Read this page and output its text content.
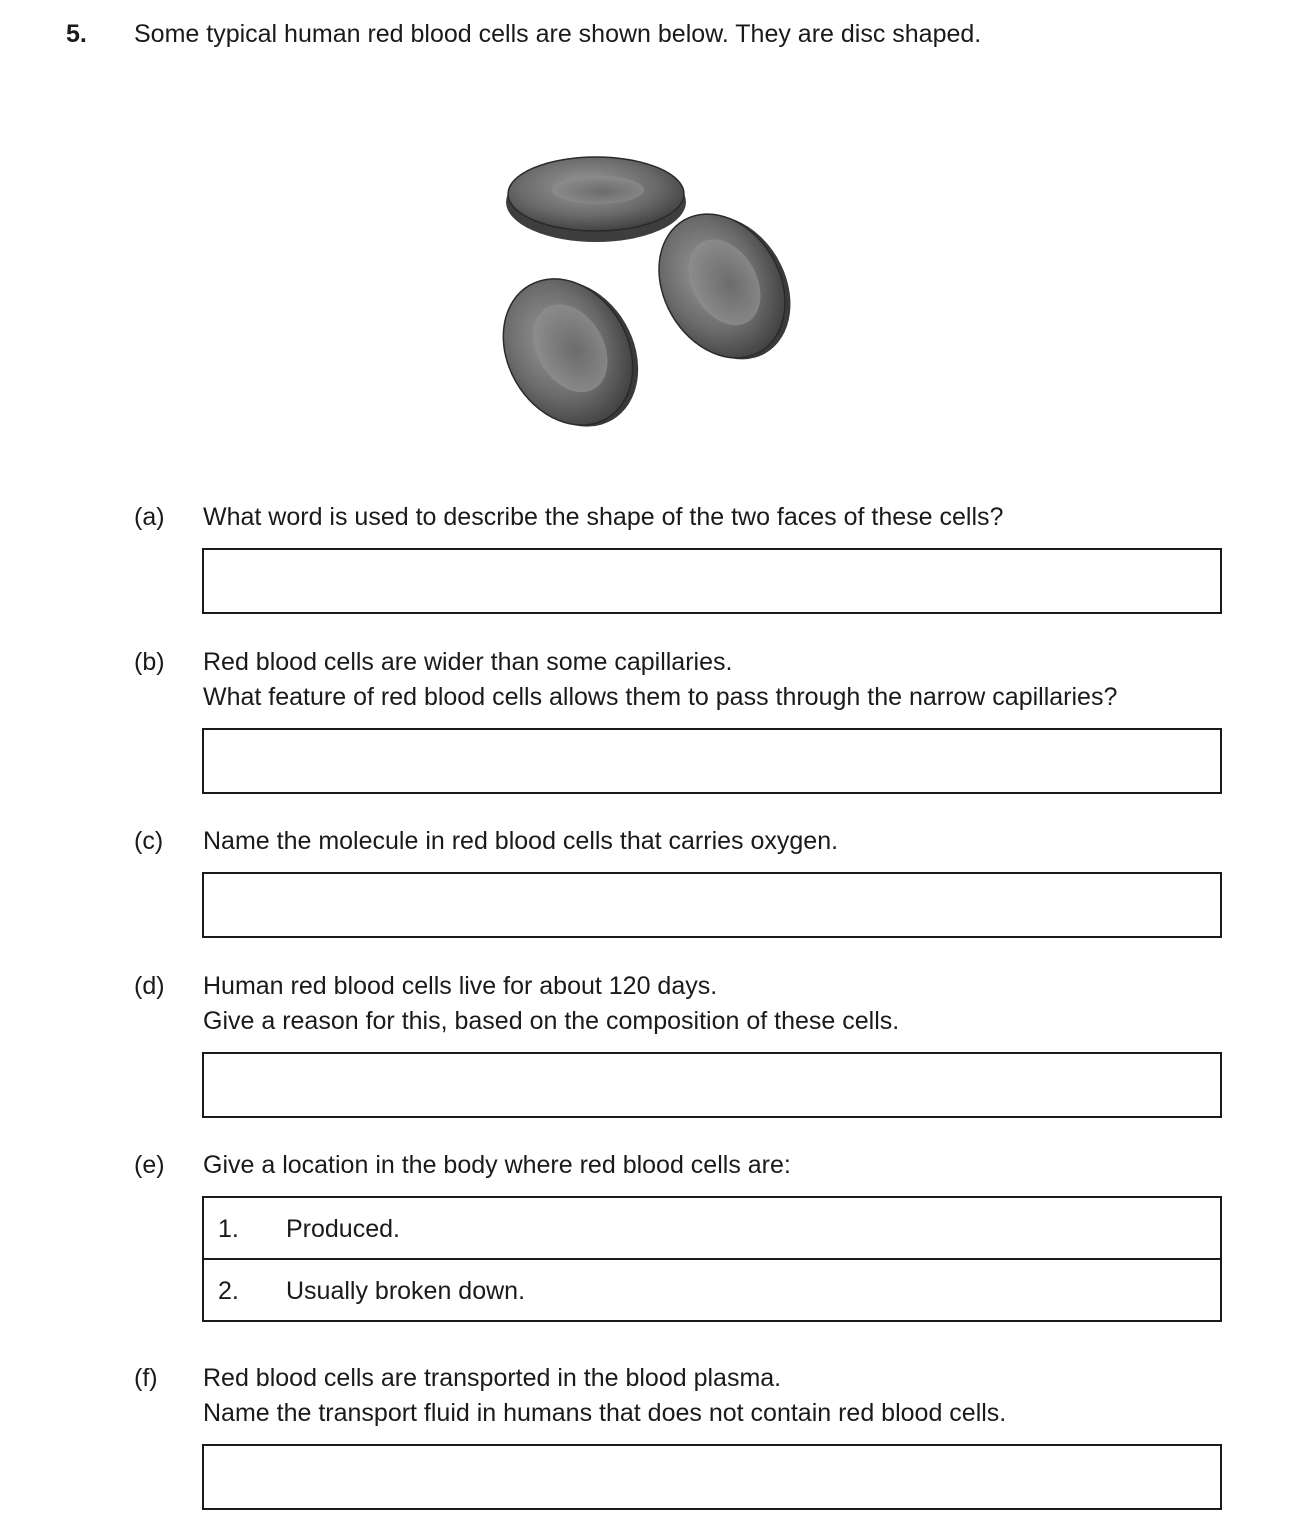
5. Some typical human red blood cells are shown below. They are disc shaped.
(a) What word is used to describe the shape of the two faces of these cells?
(b) Red blood cells are wider than some capillaries.
What feature of red blood cells allows them to pass through the narrow capillaries?
(c) Name the molecule in red blood cells that carries oxygen.
(d) Human red blood cells live for about 120 days.
Give a reason for this, based on the composition of these cells.
(e) Give a location in the body where red blood cells are:
1. Produced.
2. Usually broken down.
(f) Red blood cells are transported in the blood plasma.
Name the transport fluid in humans that does not contain red blood cells.
